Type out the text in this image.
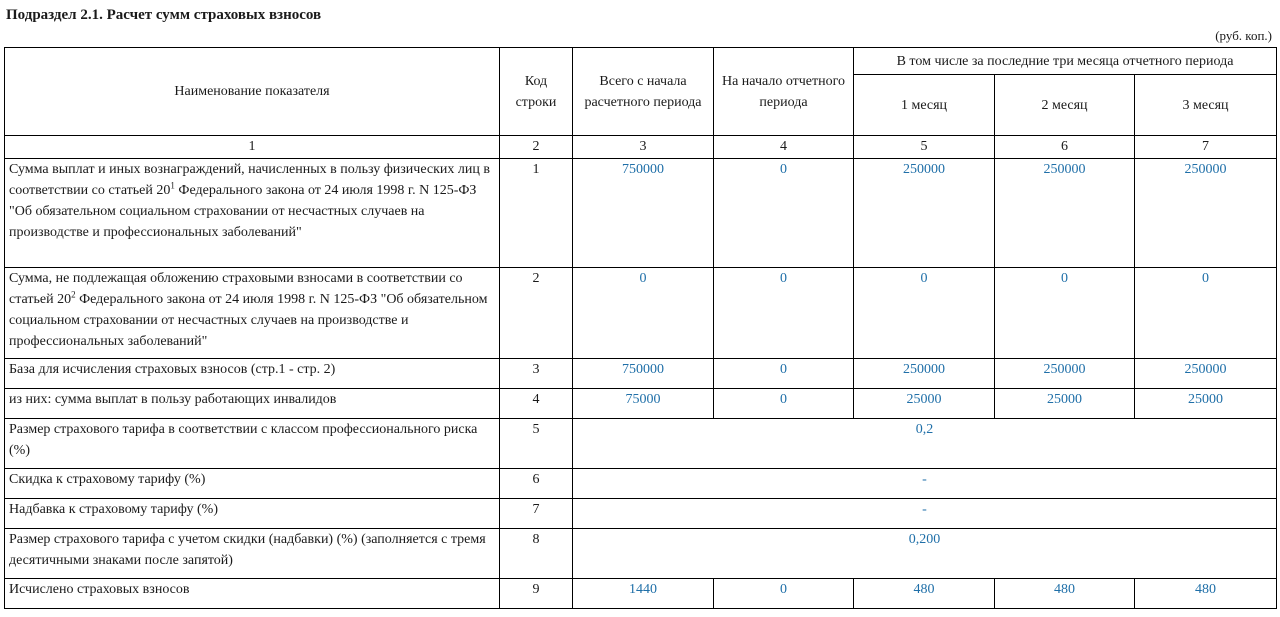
Подраздел 2.1. Расчет сумм страховых взносов
(руб. коп.)
Наименование показателя	Код строки	Всего с начала расчетного периода	На начало отчетного периода	В том числе за последние три месяца отчетного периода		
				1 месяц	2 месяц	3 месяц
1	2	3	4	5	6	7
Сумма выплат и иных вознаграждений, начисленных в пользу физических лиц в соответствии со статьей $20^1$ Федерального закона от 24 июля 1998 г. N 125-ФЗ "Об обязательном социальном страховании от несчастных случаев на производстве и профессиональных заболеваний"	1	750000	0	250000	250000	250000
Сумма, не подлежащая обложению страховыми взносами в соответствии со статьей $20^2$ Федерального закона от 24 июля 1998 г. N 125-ФЗ "Об обязательном социальном страховании от несчастных случаев на производстве и профессиональных заболеваний"	2	0	0	0	0	0
База для исчисления страховых взносов (стр.1 - стр. 2)	3	750000	0	250000	250000	250000
из них: сумма выплат в пользу работающих инвалидов	4	75000	0	25000	25000	25000
Размер страхового тарифа в соответствии с классом профессионального риска (%)	5	0,2				
Скидка к страховому тарифу (%)	6	-				
Надбавка к страховому тарифу (%)	7	-				
Размер страхового тарифа с учетом скидки (надбавки) (%) (заполняется с тремя десятичными знаками после запятой)	8	0,200				
Исчислено страховых взносов	9	1440	0	480	480	480
